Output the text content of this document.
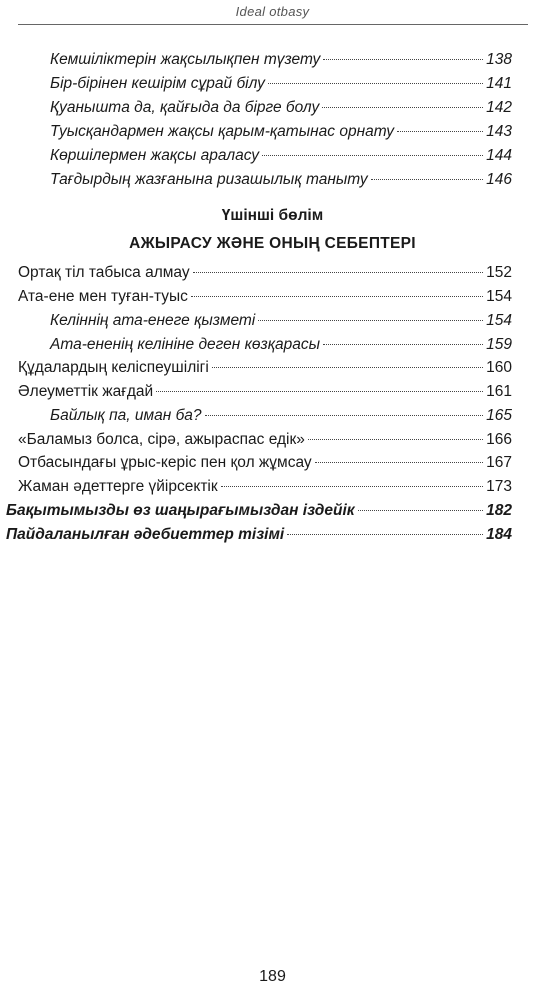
Ideal otbasy
Кемшіліктерін жақсылықпен түзету	138
Бір-бірінен кешірім сұрай білу	141
Қуаныштa да, қайғыда да бірге болу	142
Туысқандармен жақсы қарым-қатынас орнату	143
Көршілермен жақсы араласу	144
Тағдырдың жазғанына ризашылық таныту	146
Үшінші бөлім
АЖЫРАСУ ЖӘНЕ ОНЫҢ СЕБЕПТЕРІ
Ортақ тіл табыса алмау	152
Ата-ене мен туған-туыс	154
Келіннің ата-енеге қызметі	154
Ата-ененің келініне деген көзқарасы	159
Құдалардың келіспеушілігі	160
Әлеуметтік жағдай	161
Байлық па, иман ба?	165
«Баламыз болса, сірә, ажыраспас едік»	166
Отбасындағы ұрыс-керіс пен қол жұмсау	167
Жаман әдеттерге үйірсектік	173
Бақытымызды өз шаңырағымыздан іздейік	182
Пайдаланылған әдебиеттер тізімі	184
189
